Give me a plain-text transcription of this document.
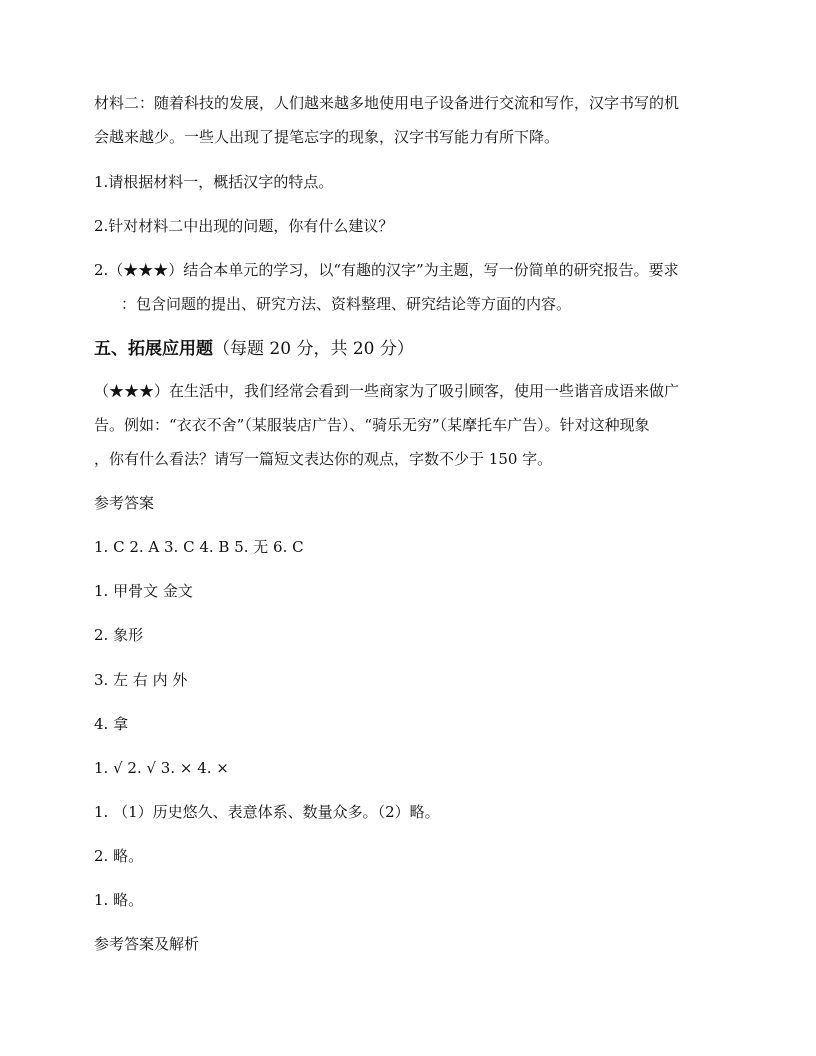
材料二：随着科技的发展，人们越来越多地使用电子设备进行交流和写作，汉字书写的机
会越来越少。一些人出现了提笔忘字的现象，汉字书写能力有所下降。
1.请根据材料一，概括汉字的特点。
2.针对材料二中出现的问题，你有什么建议？
2.（★★★）结合本单元的学习，以“有趣的汉字”为主题，写一份简单的研究报告。要求
：包含问题的提出、研究方法、资料整理、研究结论等方面的内容。
五、拓展应用题（每题 20 分，共 20 分）
（★★★）在生活中，我们经常会看到一些商家为了吸引顾客，使用一些谐音成语来做广
告。例如：“衣衣不舍”（某服装店广告）、“骑乐无穷”（某摩托车广告）。针对这种现象
，你有什么看法？请写一篇短文表达你的观点，字数不少于 150 字。
参考答案
1. C 2. A 3. C 4. B 5. 无 6. C
1. 甲骨文 金文
2. 象形
3. 左 右 内 外
4. 拿
1. √ 2. √ 3. × 4. ×
1. （1）历史悠久、表意体系、数量众多。（2）略。
2. 略。
1. 略。
参考答案及解析
